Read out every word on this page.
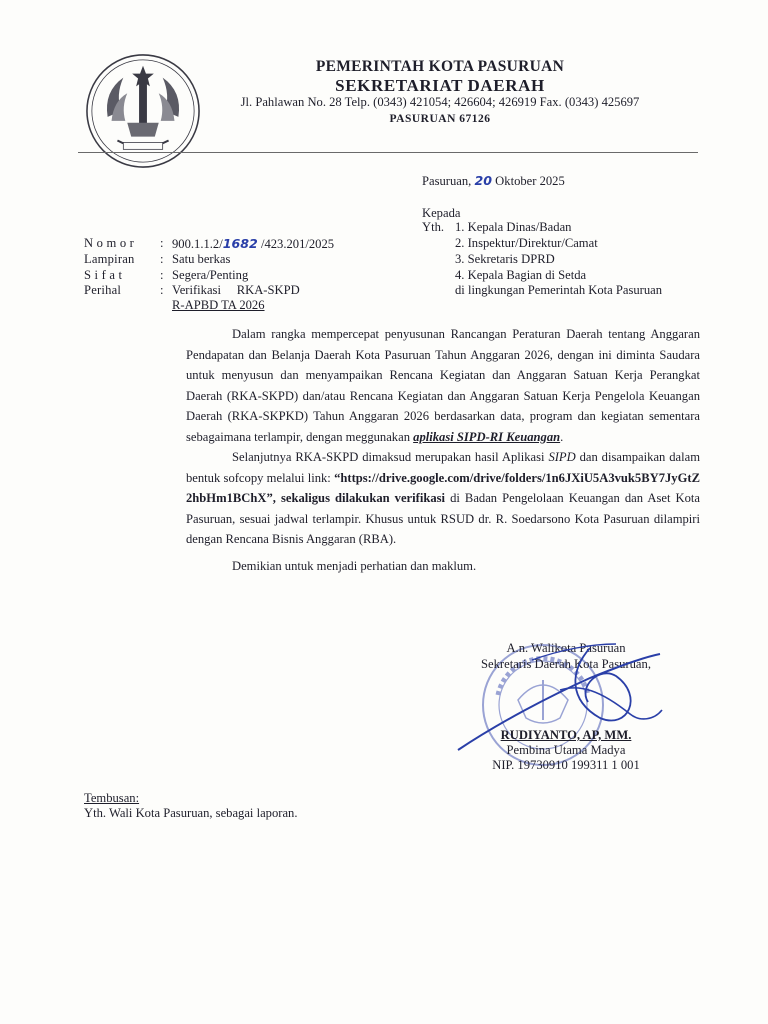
PEMERINTAH KOTA PASURUAN
SEKRETARIAT DAERAH
Jl. Pahlawan No. 28 Telp. (0343) 421054; 426604; 426919 Fax. (0343) 425697
PASURUAN 67126
Pasuruan, 20 Oktober 2025
Kepada
Yth. 1. Kepala Dinas/Badan
2. Inspektur/Direktur/Camat
3. Sekretaris DPRD
4. Kepala Bagian di Setda
di lingkungan Pemerintah Kota Pasuruan
N o m o r : 900.1.1.2/1682 /423.201/2025
Lampiran : Satu berkas
S i f a t	: Segera/Penting
Perihal	: Verifikasi     RKA-SKPD
R-APBD TA 2026

Dalam rangka mempercepat penyusunan Rancangan Peraturan Daerah tentang Anggaran Pendapatan dan Belanja Daerah Kota Pasuruan Tahun Anggaran 2026, dengan ini diminta Saudara untuk menyusun dan menyampaikan Rencana Kegiatan dan Anggaran Satuan Kerja Perangkat Daerah (RKA-SKPD) dan/atau Rencana Kegiatan dan Anggaran Satuan Kerja Pengelola Keuangan Daerah (RKA-SKPKD) Tahun Anggaran 2026 berdasarkan data, program dan kegiatan sementara sebagaimana terlampir, dengan meggunakan aplikasi SIPD-RI Keuangan.

Selanjutnya RKA-SKPD dimaksud merupakan hasil Aplikasi SIPD dan disampaikan dalam bentuk sofcopy melalui link: “https://drive.google.com/drive/folders/1n6JXiU5A3vuk5BY7JyGtZ2hbHm1BChX”, sekaligus dilakukan verifikasi di Badan Pengelolaan Keuangan dan Aset Kota Pasuruan, sesuai jadwal terlampir. Khusus untuk RSUD dr. R. Soedarsono Kota Pasuruan dilampiri dengan Rencana Bisnis Anggaran (RBA).

Demikian untuk menjadi perhatian dan maklum.

A.n. Walikota Pasuruan
Sekretaris Daerah Kota Pasuruan,
RUDIYANTO, AP, MM.
Pembina Utama Madya
NIP. 19730910 199311 1 001
Tembusan:
Yth. Wali Kota Pasuruan, sebagai laporan.
